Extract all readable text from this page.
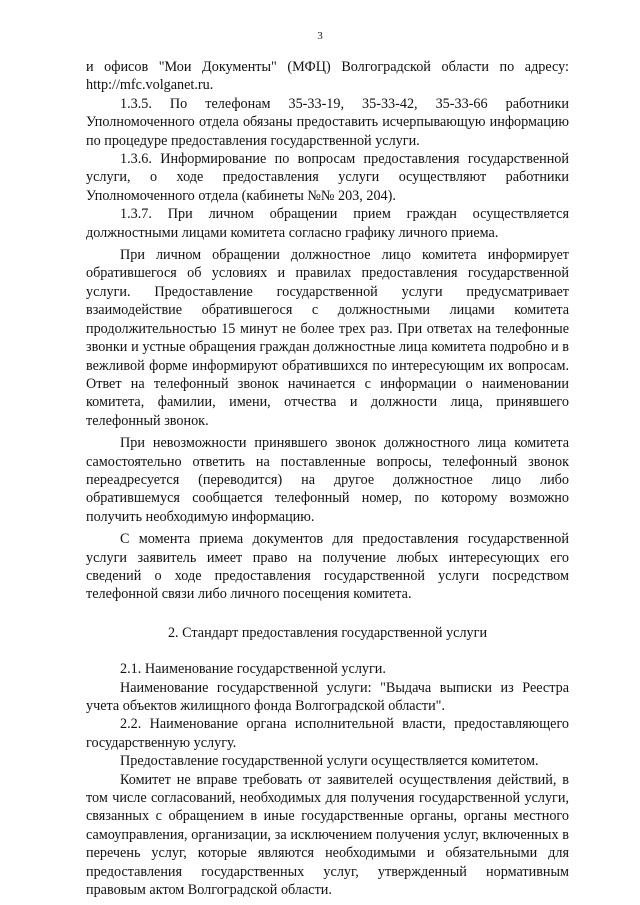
3

и офисов "Мои Документы" (МФЦ) Волгоградской области по адресу: http://mfc.volganet.ru.

1.3.5. По телефонам 35-33-19, 35-33-42, 35-33-66 работники Уполномоченного отдела обязаны предоставить исчерпывающую информацию по процедуре предоставления государственной услуги.

1.3.6. Информирование по вопросам предоставления государственной услуги, о ходе предоставления услуги осуществляют работники Уполномоченного отдела (кабинеты №№ 203, 204).

1.3.7. При личном обращении прием граждан осуществляется должностными лицами комитета согласно графику личного приема.

При личном обращении должностное лицо комитета информирует обратившегося об условиях и правилах предоставления государственной услуги. Предоставление государственной услуги предусматривает взаимодействие обратившегося с должностными лицами комитета продолжительностью 15 минут не более трех раз. При ответах на телефонные звонки и устные обращения граждан должностные лица комитета подробно и в вежливой форме информируют обратившихся по интересующим их вопросам. Ответ на телефонный звонок начинается с информации о наименовании комитета, фамилии, имени, отчества и должности лица, принявшего телефонный звонок.

При невозможности принявшего звонок должностного лица комитета самостоятельно ответить на поставленные вопросы, телефонный звонок переадресуется (переводится) на другое должностное лицо либо обратившемуся сообщается телефонный номер, по которому возможно получить необходимую информацию.

С момента приема документов для предоставления государственной услуги заявитель имеет право на получение любых интересующих его сведений о ходе предоставления государственной услуги посредством телефонной связи либо личного посещения комитета.

2. Стандарт предоставления государственной услуги

2.1. Наименование государственной услуги.

Наименование государственной услуги: "Выдача выписки из Реестра учета объектов жилищного фонда Волгоградской области".

2.2. Наименование органа исполнительной власти, предоставляющего государственную услугу.

Предоставление государственной услуги осуществляется комитетом.

Комитет не вправе требовать от заявителей осуществления действий, в том числе согласований, необходимых для получения государственной услуги, связанных с обращением в иные государственные органы, органы местного самоуправления, организации, за исключением получения услуг, включенных в перечень услуг, которые являются необходимыми и обязательными для предоставления государственных услуг, утвержденный нормативным правовым актом Волгоградской области.
